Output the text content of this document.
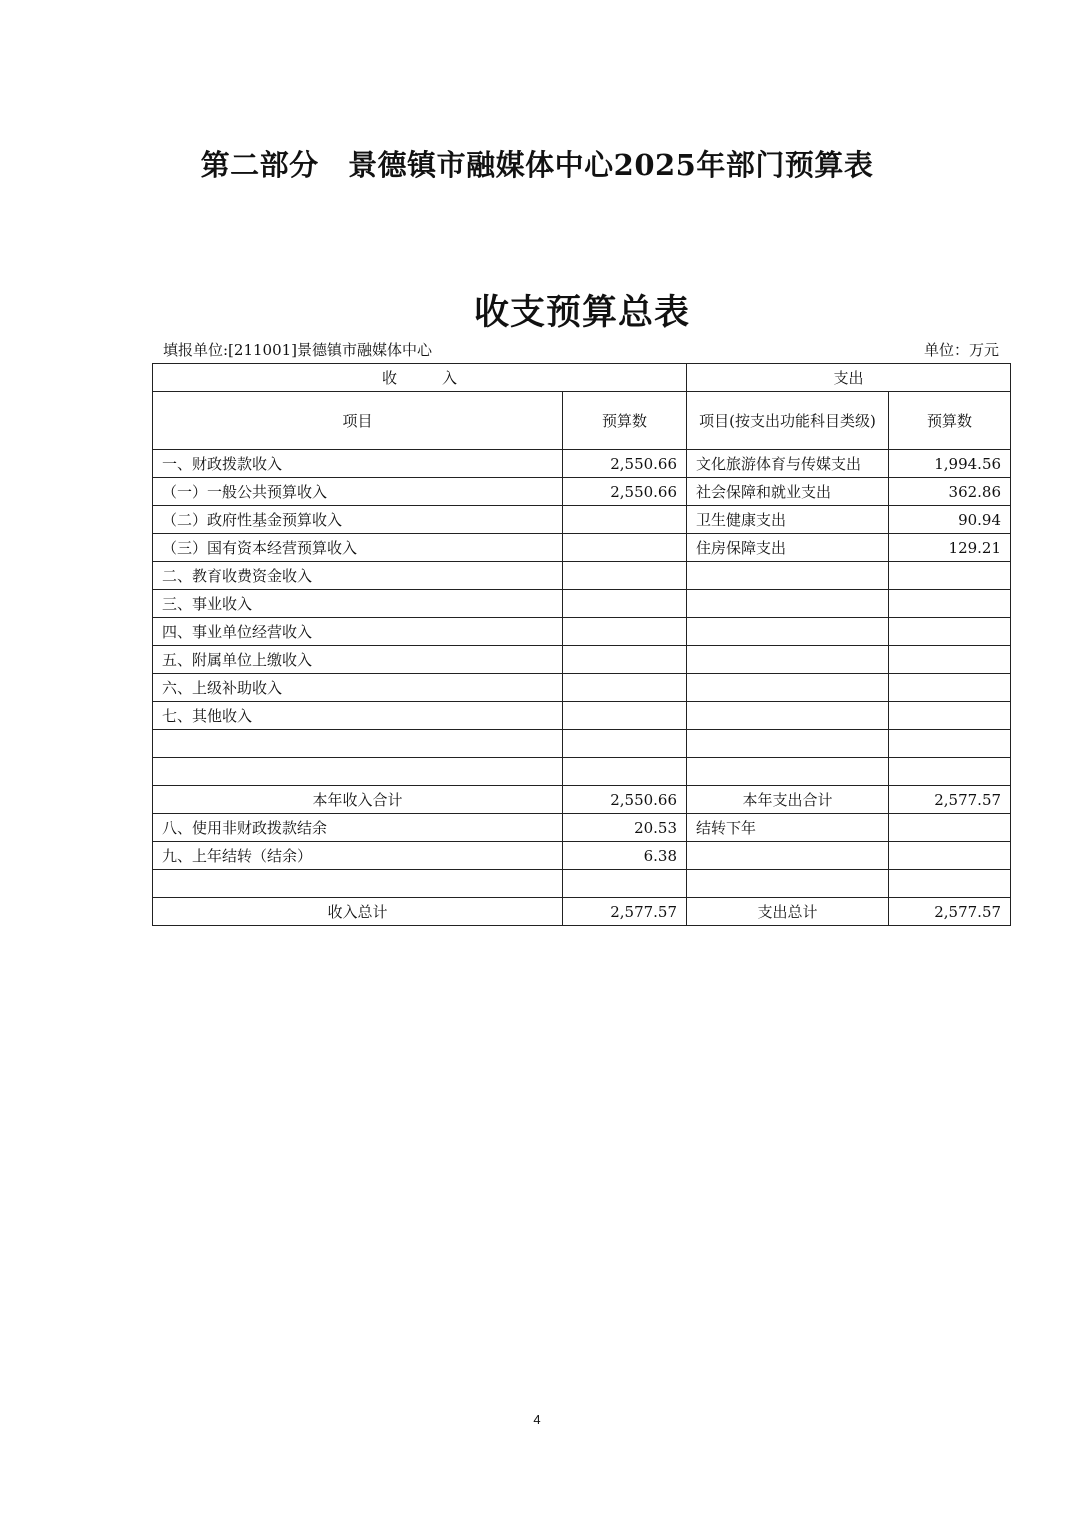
第二部分　景德镇市融媒体中心2025年部门预算表
收支预算总表
填报单位:[211001]景德镇市融媒体中心	单位：万元
收　　　入		支出	
项目	预算数	项目(按支出功能科目类级)	预算数
一、财政拨款收入	2,550.66	文化旅游体育与传媒支出	1,994.56
（一）一般公共预算收入	2,550.66	社会保障和就业支出	362.86
（二）政府性基金预算收入		卫生健康支出	90.94
（三）国有资本经营预算收入		住房保障支出	129.21
二、教育收费资金收入			
三、事业收入			
四、事业单位经营收入			
五、附属单位上缴收入			
六、上级补助收入			
七、其他收入			

本年收入合计	2,550.66	本年支出合计	2,577.57
八、使用非财政拨款结余	20.53	结转下年	
九、上年结转（结余）	6.38		

收入总计	2,577.57	支出总计	2,577.57
4
